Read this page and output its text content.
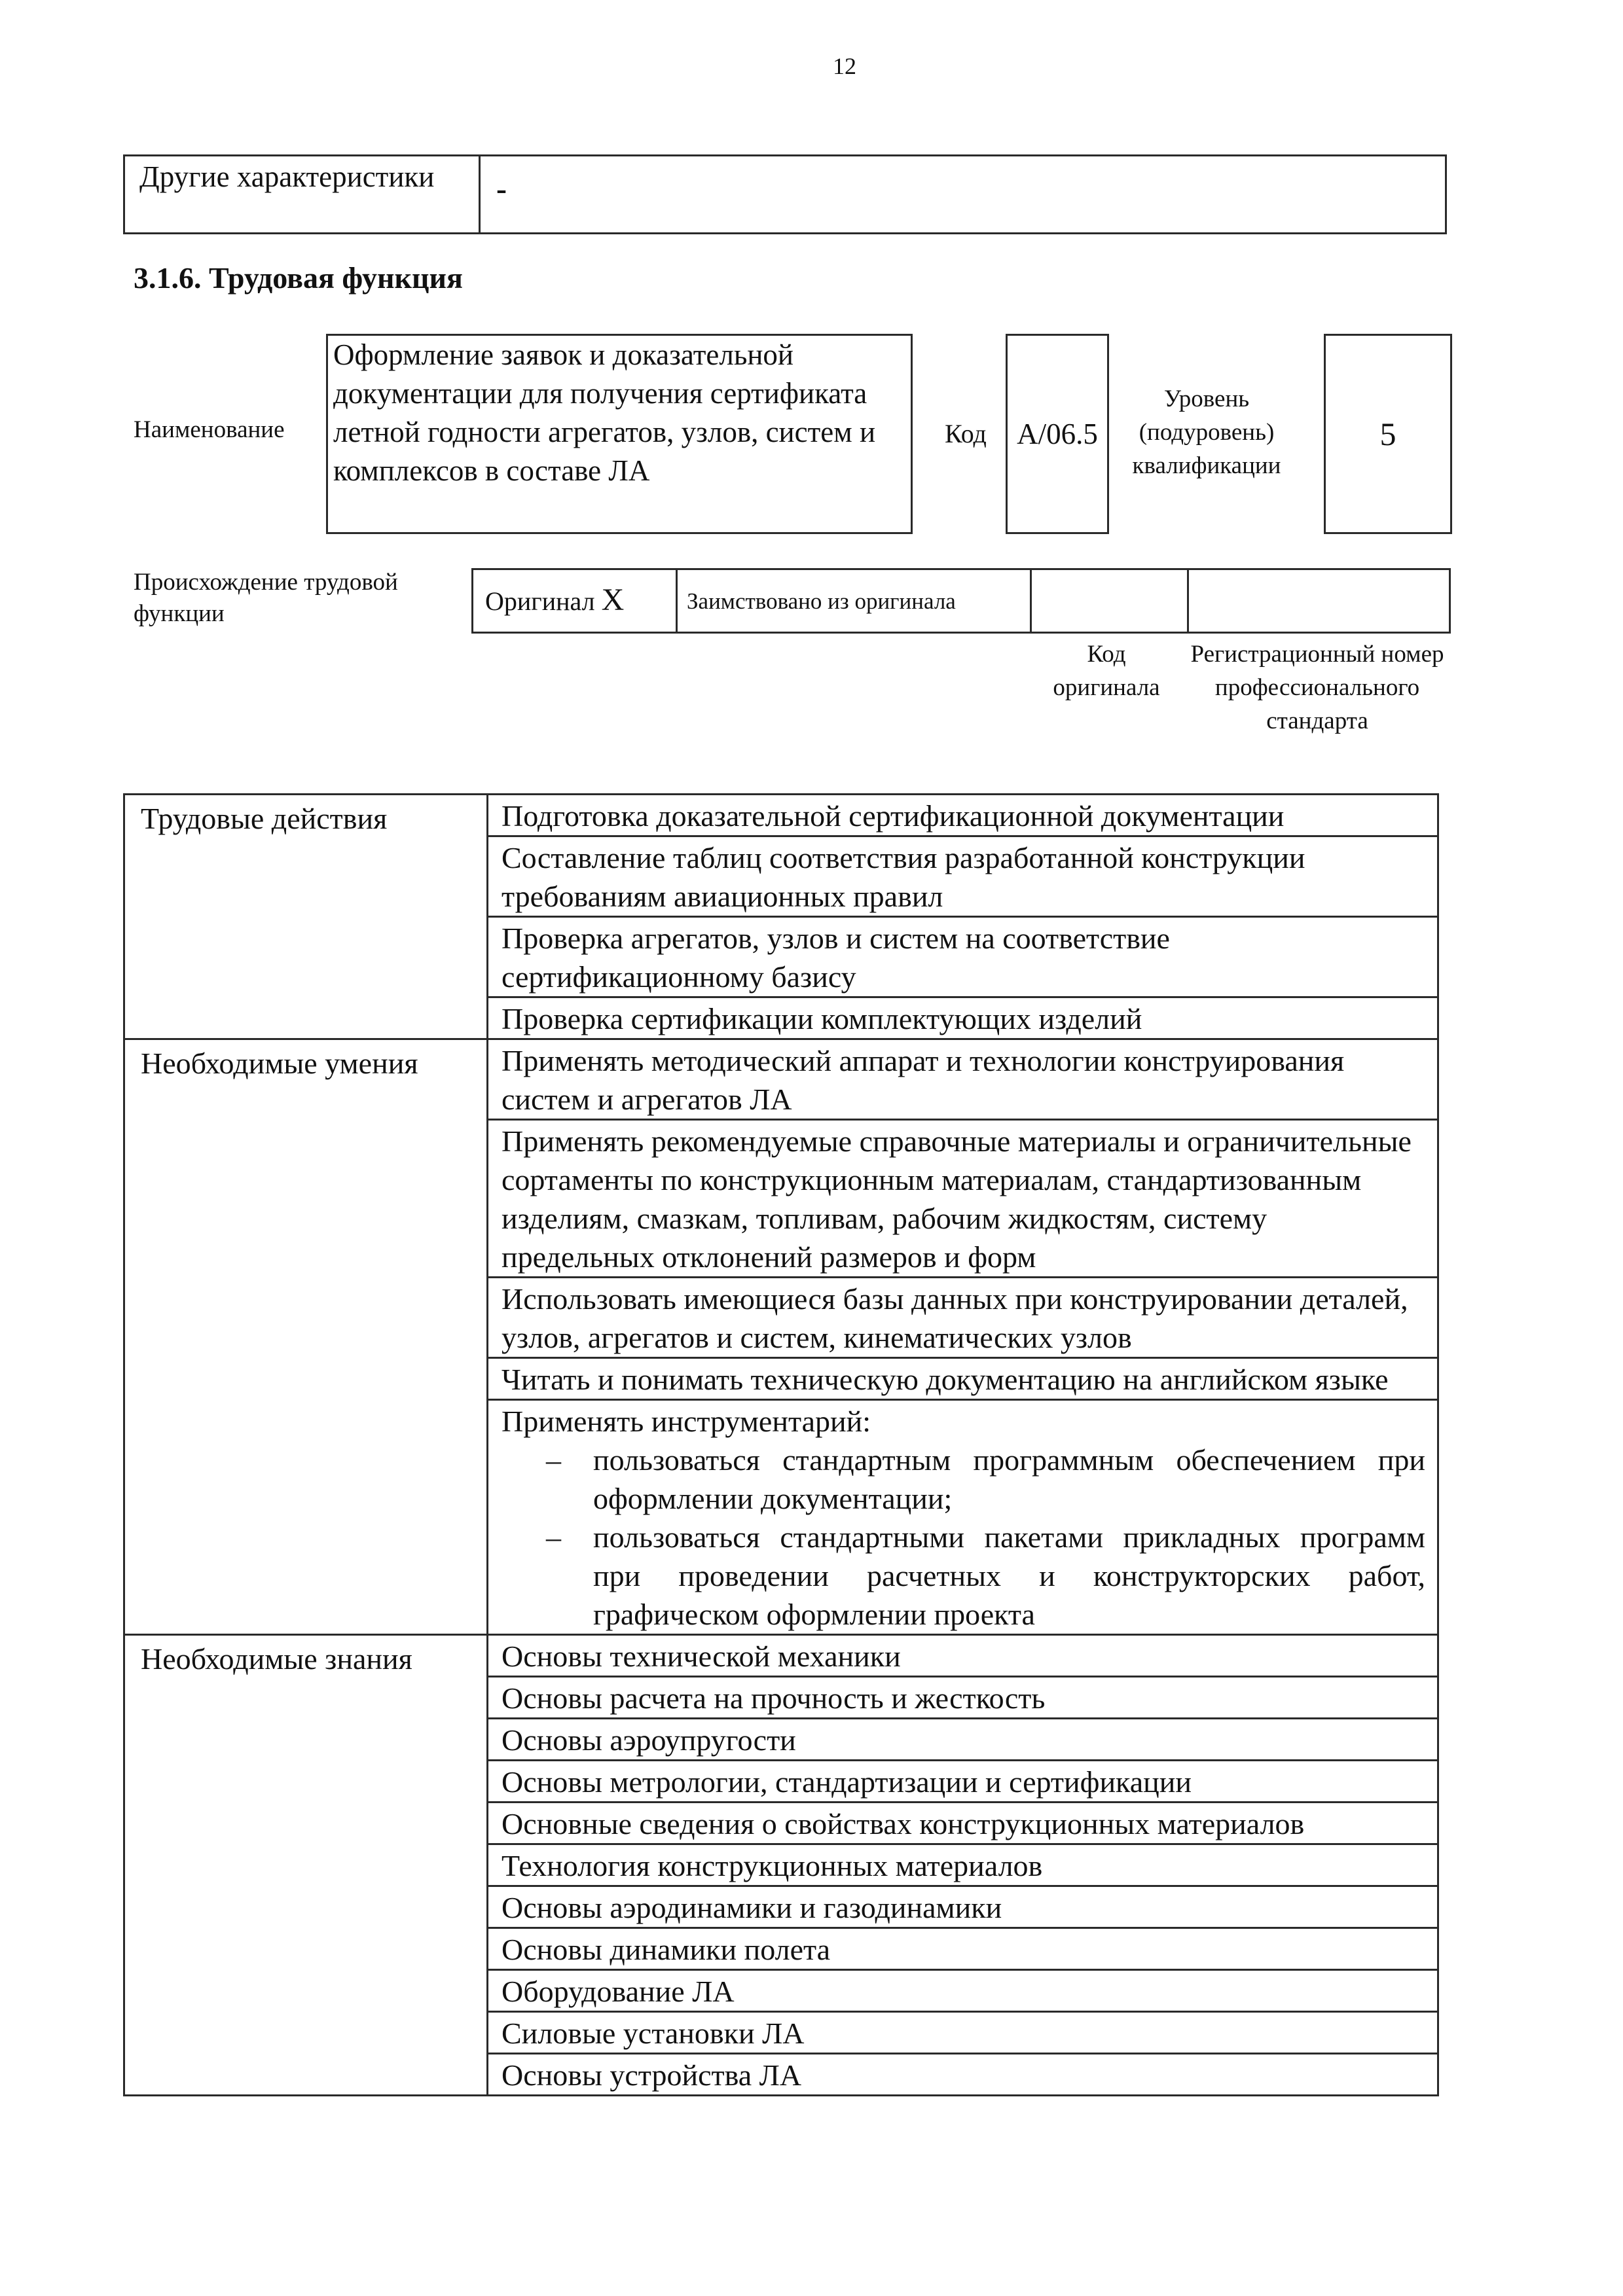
12
Другие характеристики	-
3.1.6. Трудовая функция
Наименование
Оформление заявок и доказательной документации для получения сертификата летной годности агрегатов, узлов, систем и комплексов в составе ЛА
Код	A/06.5
Уровень (подуровень) квалификации
5
Происхождение трудовой функции	Оригинал X	Заимствовано из оригинала
Код оригинала
Регистрационный номер профессионального стандарта
Трудовые действия	Подготовка доказательной сертификационной документации
	Составление таблиц соответствия разработанной конструкции требованиям авиационных правил
	Проверка агрегатов, узлов и систем на соответствие сертификационному базису
	Проверка сертификации комплектующих изделий
Необходимые умения	Применять методический аппарат и технологии конструирования систем и агрегатов ЛА
	Применять рекомендуемые справочные материалы и ограничительные сортаменты по конструкционным материалам, стандартизованным изделиям, смазкам, топливам, рабочим жидкостям, систему предельных отклонений размеров и форм
	Использовать имеющиеся базы данных при конструировании деталей, узлов, агрегатов и систем, кинематических узлов
	Читать и понимать техническую документацию на английском языке

	Применять инструментарий:
– пользоваться стандартным программным обеспечением при оформлении документации;
– пользоваться стандартными пакетами прикладных программ при проведении расчетных и конструкторских работ, графическом оформлении проекта

Необходимые знания	Основы технической механики
	Основы расчета на прочность и жесткость
	Основы аэроупругости
	Основы метрологии, стандартизации и сертификации
	Основные сведения о свойствах конструкционных материалов
	Технология конструкционных материалов
	Основы аэродинамики и газодинамики
	Основы динамики полета
	Оборудование ЛА
	Силовые установки ЛА
	Основы устройства ЛА
